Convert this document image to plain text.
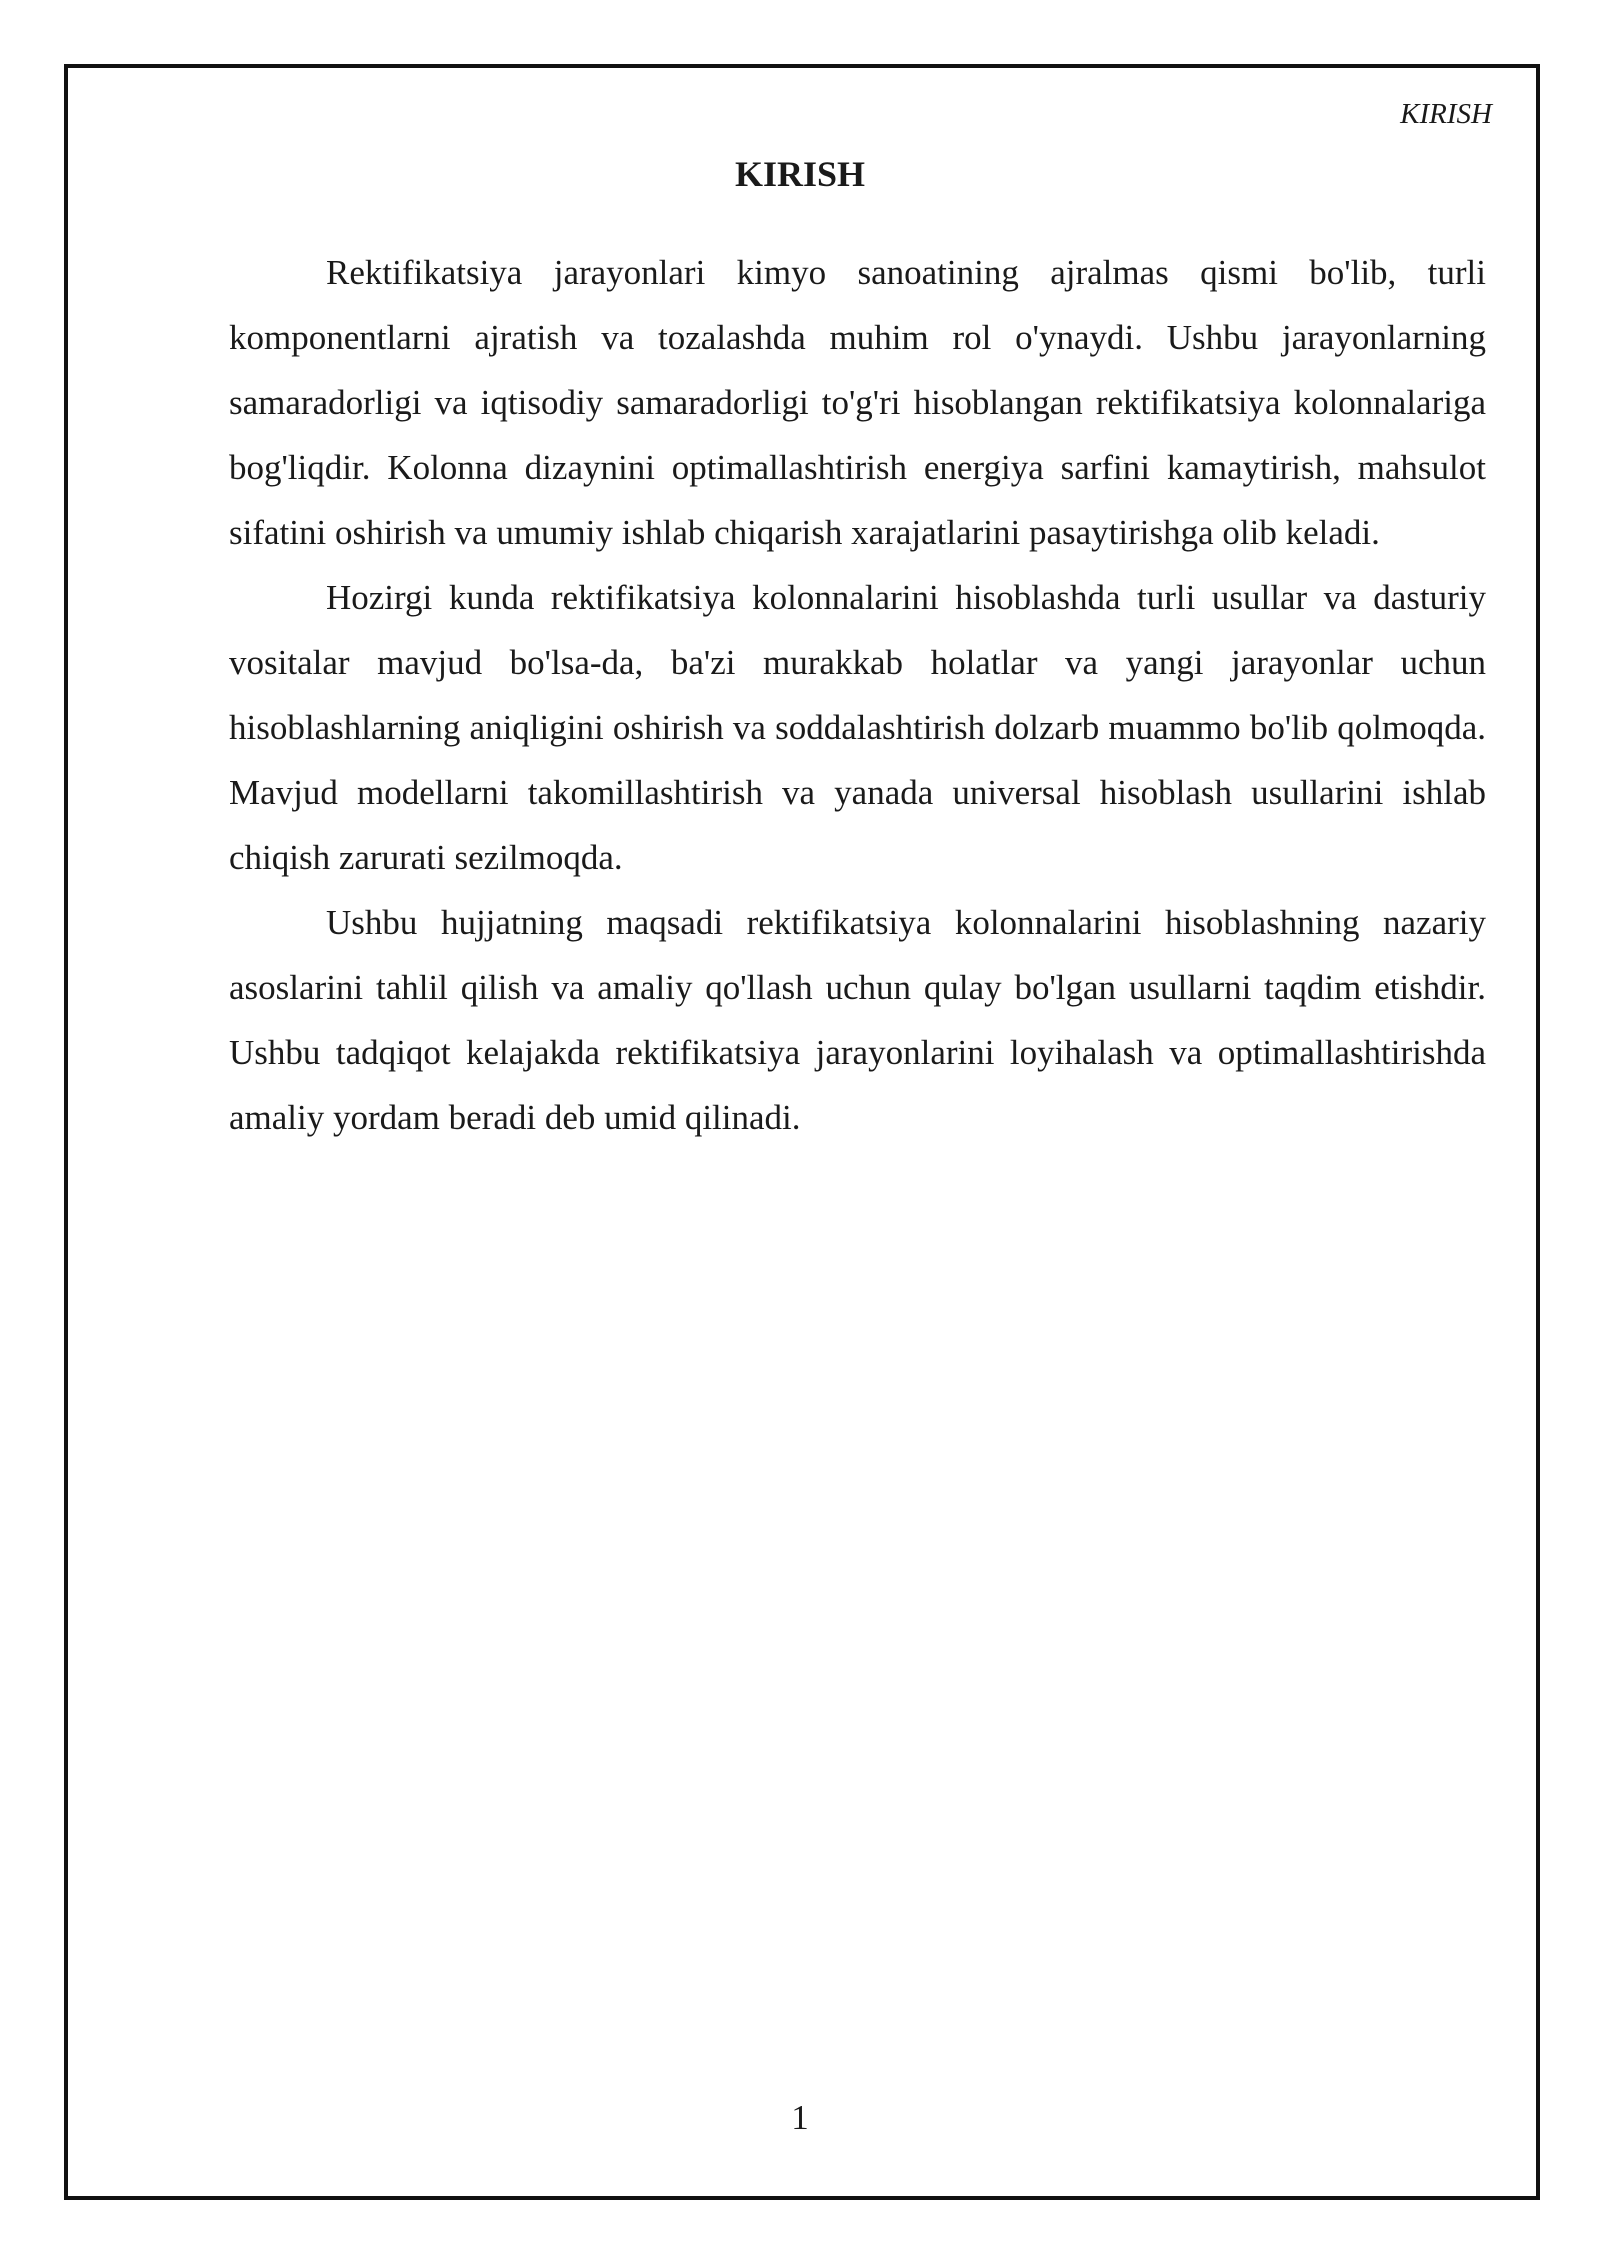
KIRISH
KIRISH

Rektifikatsiya jarayonlari kimyo sanoatining ajralmas qismi bo'lib, turli komponentlarni ajratish va tozalashda muhim rol o'ynaydi. Ushbu jarayonlarning samaradorligi va iqtisodiy samaradorligi to'g'ri hisoblangan rektifikatsiya kolonnalariga bog'liqdir. Kolonna dizaynini optimallashtirish energiya sarfini kamaytirish, mahsulot sifatini oshirish va umumiy ishlab chiqarish xarajatlarini pasaytirishga olib keladi.

Hozirgi kunda rektifikatsiya kolonnalarini hisoblashda turli usullar va dasturiy vositalar mavjud bo'lsa-da, ba'zi murakkab holatlar va yangi jarayonlar uchun hisoblashlarning aniqligini oshirish va soddalashtirish dolzarb muammo bo'lib qolmoqda. Mavjud modellarni takomillashtirish va yanada universal hisoblash usullarini ishlab chiqish zarurati sezilmoqda.

Ushbu hujjatning maqsadi rektifikatsiya kolonnalarini hisoblashning nazariy asoslarini tahlil qilish va amaliy qo'llash uchun qulay bo'lgan usullarni taqdim etishdir. Ushbu tadqiqot kelajakda rektifikatsiya jarayonlarini loyihalash va optimallashtirishda amaliy yordam beradi deb umid qilinadi.

1
